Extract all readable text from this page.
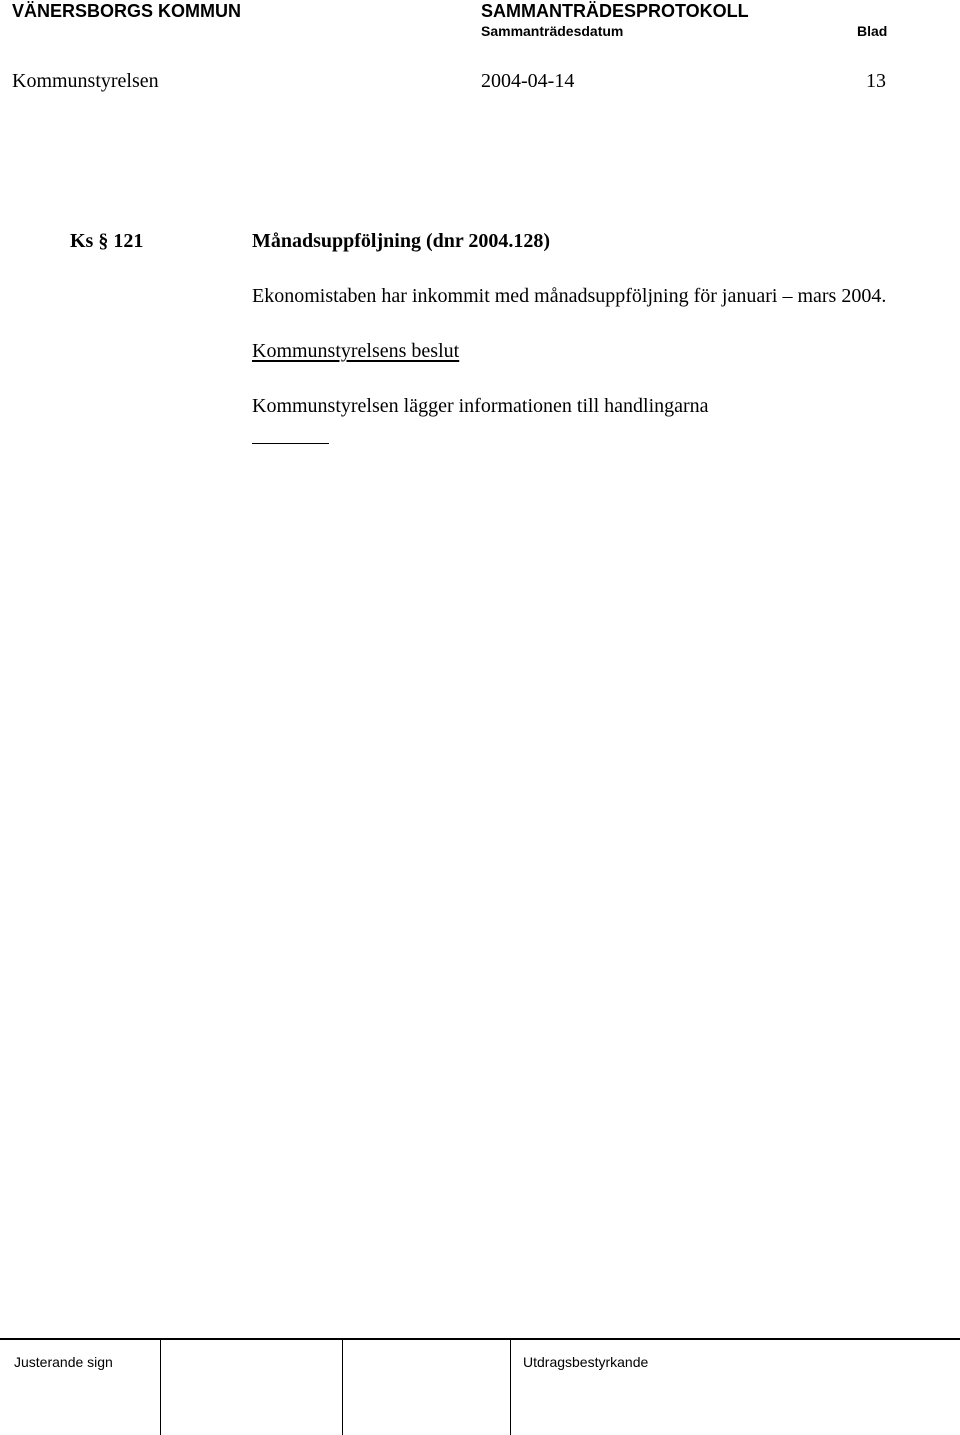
VÄNERSBORGS KOMMUN	SAMMANTRÄDESPROTOKOLL
Sammanträdesdatum	Blad
Kommunstyrelsen	2004-04-14	13
Ks § 121	Månadsuppföljning (dnr 2004.128)
Ekonomistaben har inkommit med månadsuppföljning för januari – mars 2004.
Kommunstyrelsens beslut
Kommunstyrelsen lägger informationen till handlingarna
Justerande sign	Utdragsbestyrkande
